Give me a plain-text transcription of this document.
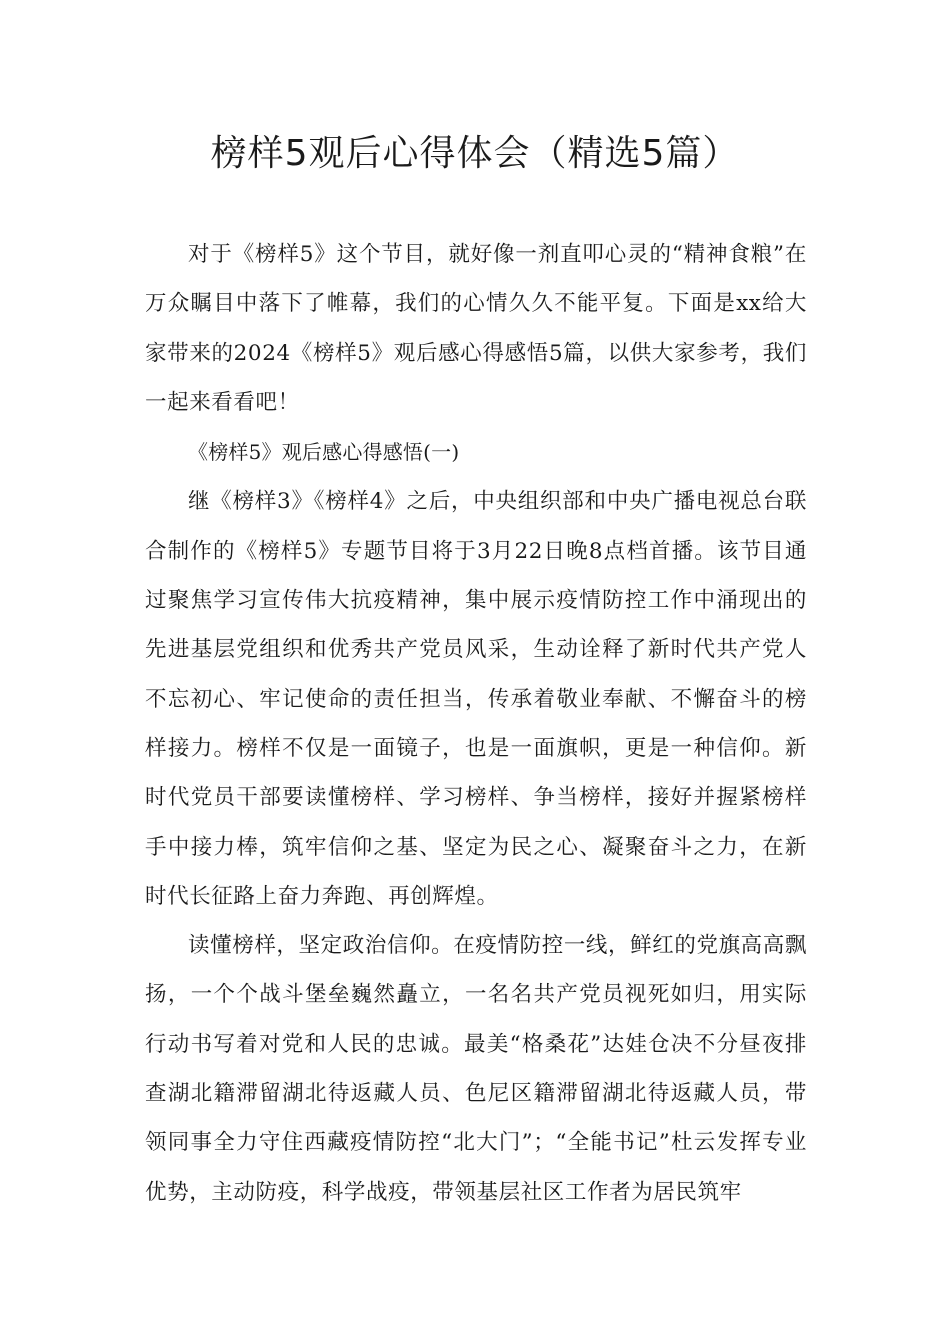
榜样5观后心得体会（精选5篇）

对于《榜样5》这个节目，就好像一剂直叩心灵的“精神食粮”在万众瞩目中落下了帷幕，我们的心情久久不能平复。下面是xx给大家带来的2024《榜样5》观后感心得感悟5篇，以供大家参考，我们一起来看看吧！

《榜样5》观后感心得感悟(一)

继《榜样3》《榜样4》之后，中央组织部和中央广播电视总台联合制作的《榜样5》专题节目将于3月22日晚8点档首播。该节目通过聚焦学习宣传伟大抗疫精神，集中展示疫情防控工作中涌现出的先进基层党组织和优秀共产党员风采，生动诠释了新时代共产党人不忘初心、牢记使命的责任担当，传承着敬业奉献、不懈奋斗的榜样接力。榜样不仅是一面镜子，也是一面旗帜，更是一种信仰。新时代党员干部要读懂榜样、学习榜样、争当榜样，接好并握紧榜样手中接力棒，筑牢信仰之基、坚定为民之心、凝聚奋斗之力，在新时代长征路上奋力奔跑、再创辉煌。

读懂榜样，坚定政治信仰。在疫情防控一线，鲜红的党旗高高飘扬，一个个战斗堡垒巍然矗立，一名名共产党员视死如归，用实际行动书写着对党和人民的忠诚。最美“格桑花”达娃仓决不分昼夜排查湖北籍滞留湖北待返藏人员、色尼区籍滞留湖北待返藏人员，带领同事全力守住西藏疫情防控“北大门”；“全能书记”杜云发挥专业优势，主动防疫，科学战疫，带领基层社区工作者为居民筑牢
